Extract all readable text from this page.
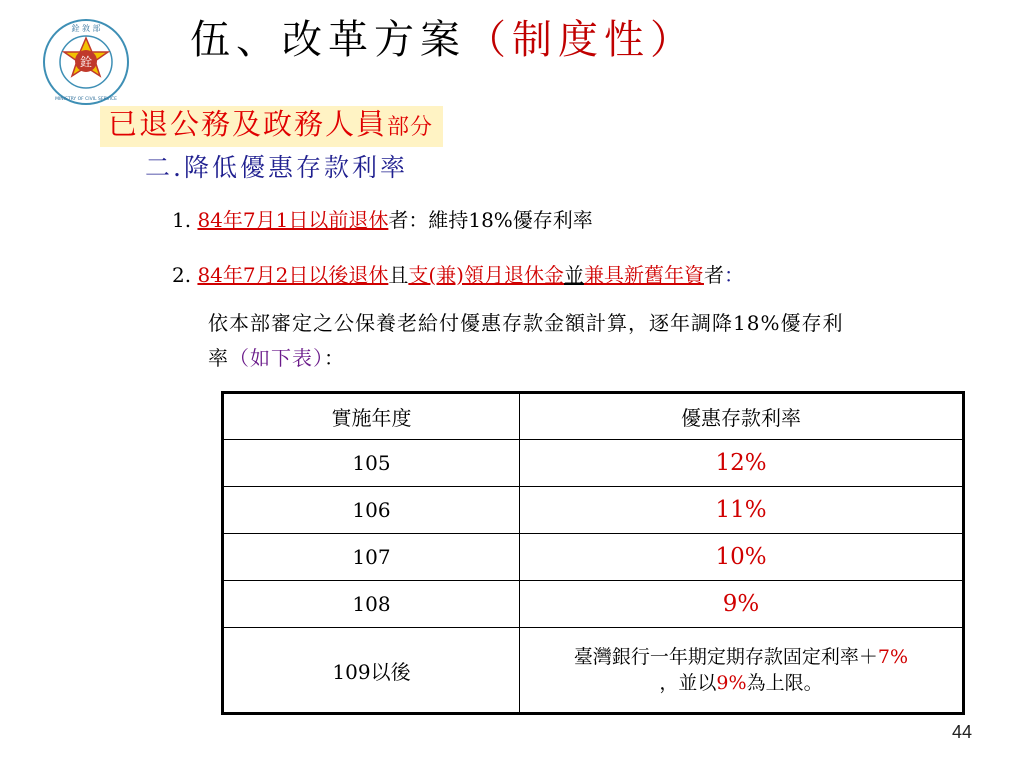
銓
銓 敘 部
MINISTRY OF CIVIL SERVICE
伍、改革方案（制度性）
已退公務及政務人員部分
二.降低優惠存款利率
1. 84年7月1日以前退休者：維持18%優存利率
2. 84年7月2日以後退休且支(兼)領月退休金並兼具新舊年資者：
依本部審定之公保養老給付優惠存款金額計算，逐年調降18%優存利
率（如下表）：
實施年度	優惠存款利率
105	12%
106	11%
107	10%
108	9%
109以後	臺灣銀行一年期定期存款固定利率＋7%
，並以9%為上限。
44
